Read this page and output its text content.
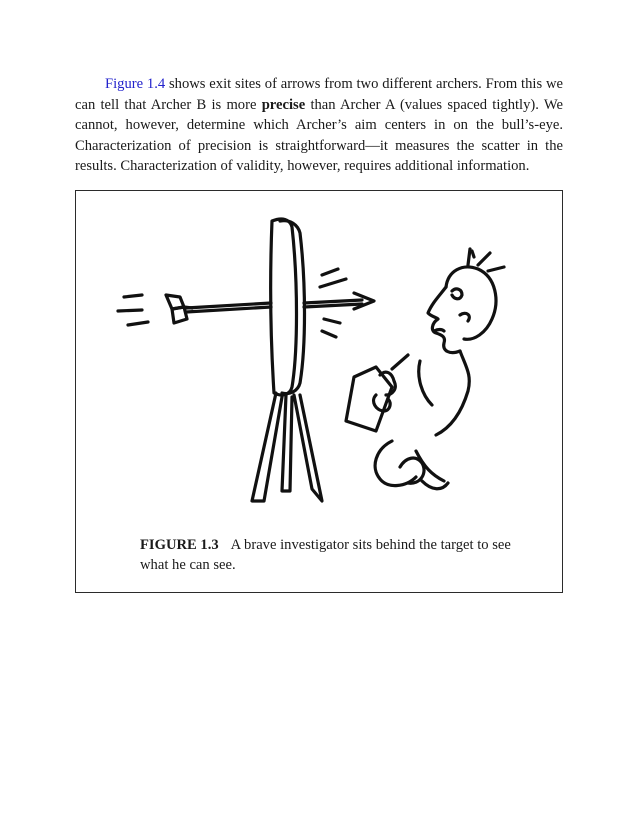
Figure 1.4 shows exit sites of arrows from two different archers. From this we can tell that Archer B is more precise than Archer A (values spaced tightly). We cannot, however, determine which Archer’s aim centers in on the bull’s-eye. Characterization of precision is straightforward—it measures the scatter in the results. Characterization of validity, however, requires additional information.

FIGURE 1.3 A brave investigator sits behind the target to see what he can see.
